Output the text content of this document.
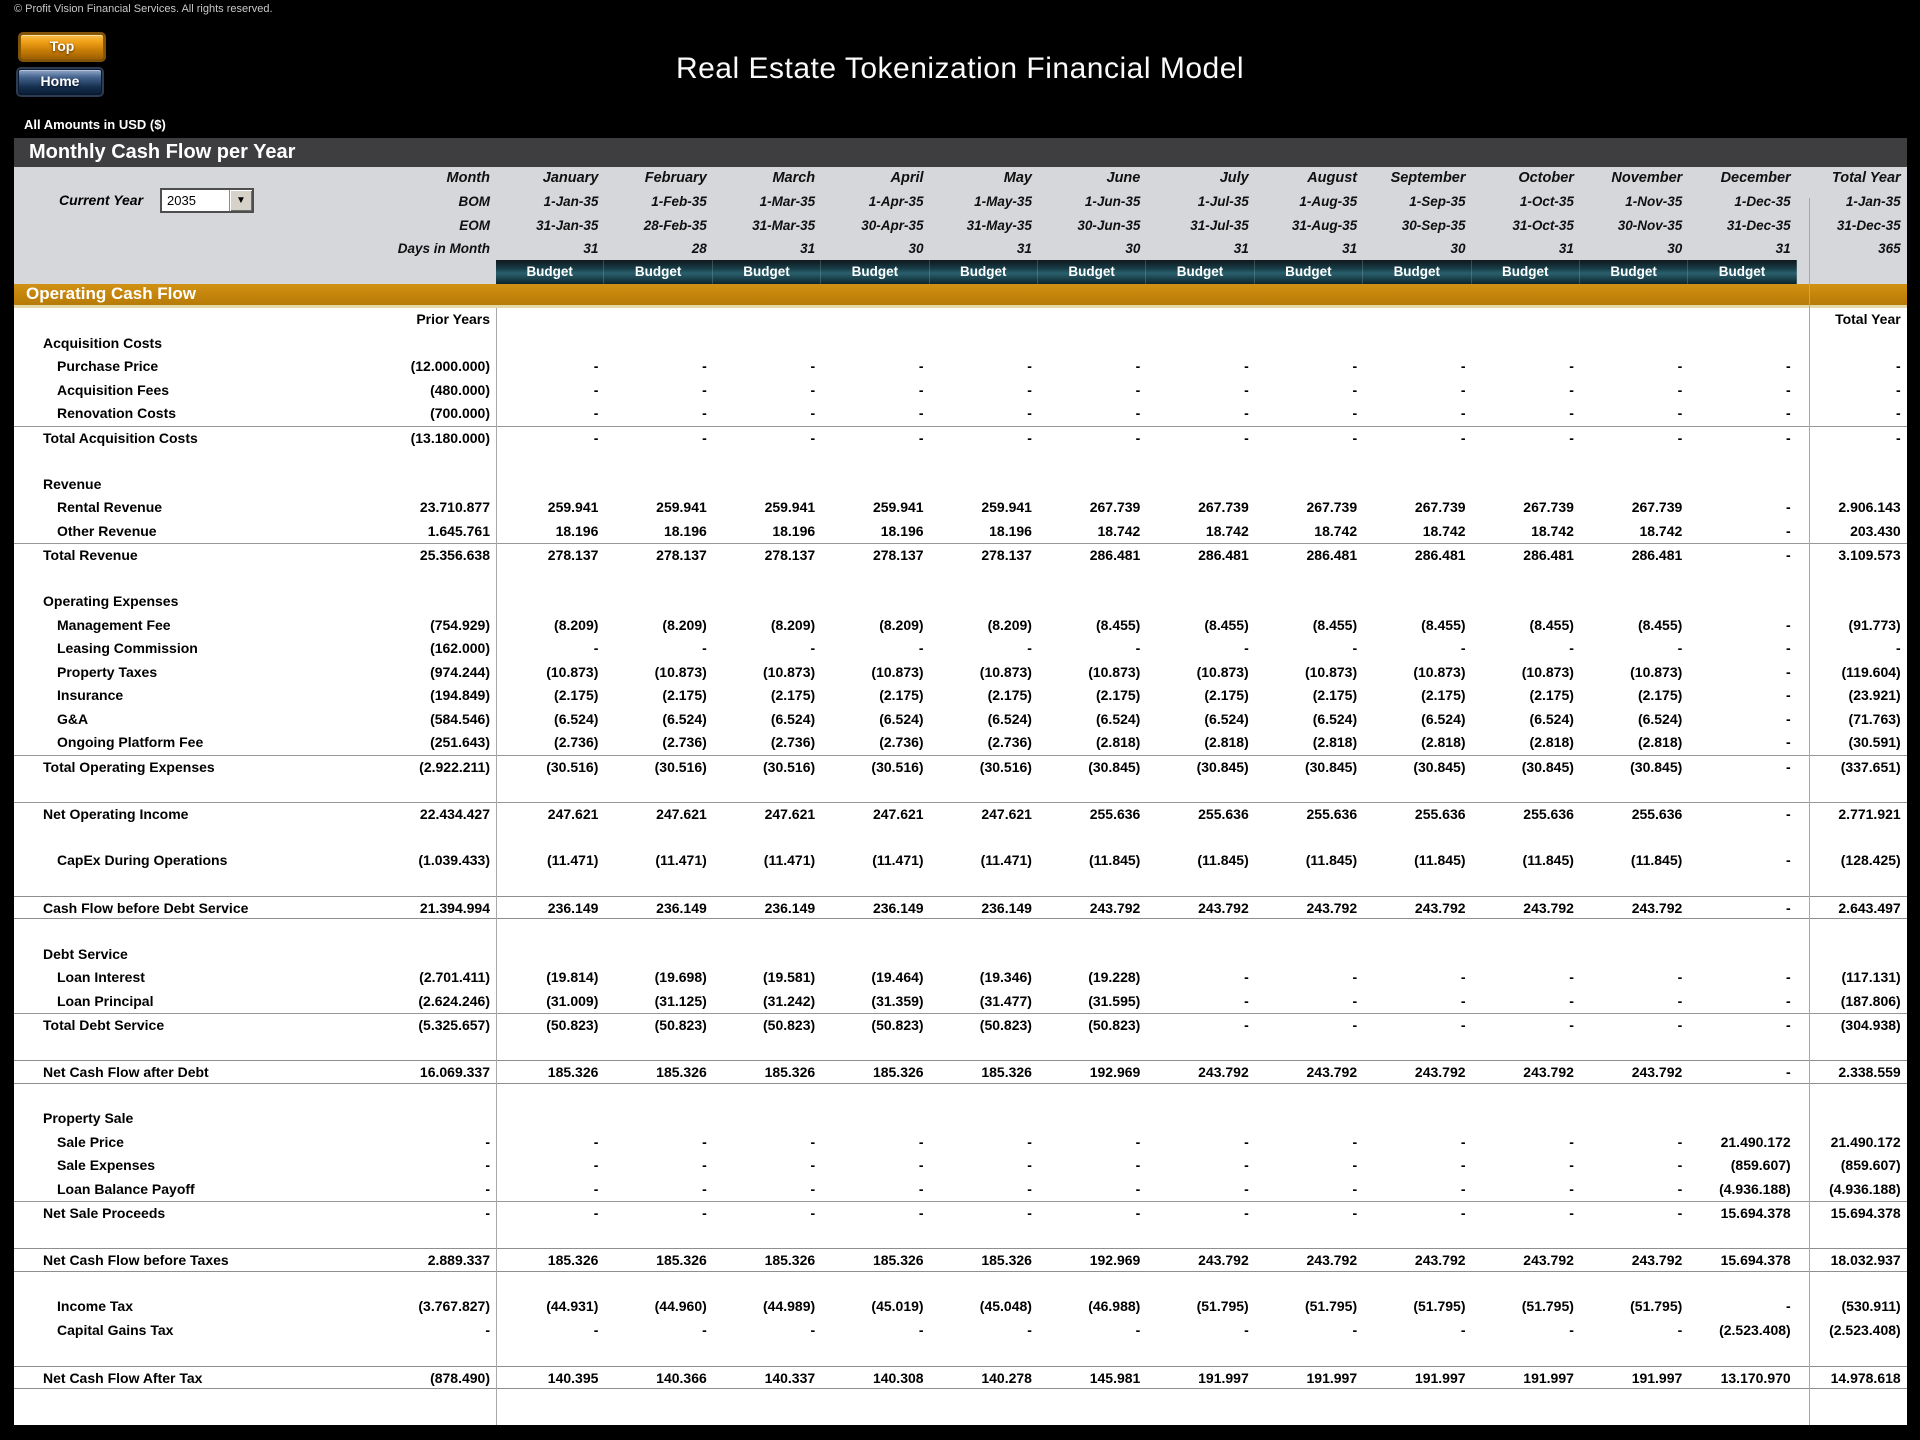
© Profit Vision Financial Services. All rights reserved.
Top
Home	Real Estate Tokenization Financial Model
All Amounts in USD ($)
Monthly Cash Flow per Year
Month	January	February	March	April	May	June	July	August	September	October	November	December	Total Year
BOM	1-Jan-35	1-Feb-35	1-Mar-35	1-Apr-35	1-May-35	1-Jun-35	1-Jul-35	1-Aug-35	1-Sep-35	1-Oct-35	1-Nov-35	1-Dec-35	1-Jan-35
EOM	31-Jan-35	28-Feb-35	31-Mar-35	30-Apr-35	31-May-35	30-Jun-35	31-Jul-35	31-Aug-35	30-Sep-35	31-Oct-35	30-Nov-35	31-Dec-35	31-Dec-35
Days in Month	31	28	31	30	31	30	31	31	30	31	30	31	365
Current Year	2035	▼
Budget	Budget	Budget	Budget	Budget	Budget	Budget	Budget	Budget	Budget	Budget	Budget
Operating Cash Flow
Prior Years	Total Year
Acquisition Costs
Purchase Price	(12.000.000)	-	-	-	-	-	-	-	-	-	-	-	-	-
Acquisition Fees	(480.000)	-	-	-	-	-	-	-	-	-	-	-	-	-
Renovation Costs	(700.000)	-	-	-	-	-	-	-	-	-	-	-	-	-
Total Acquisition Costs	(13.180.000)	-	-	-	-	-	-	-	-	-	-	-	-	-
Revenue
Rental Revenue	23.710.877	259.941	259.941	259.941	259.941	259.941	267.739	267.739	267.739	267.739	267.739	267.739	-	2.906.143
Other Revenue	1.645.761	18.196	18.196	18.196	18.196	18.196	18.742	18.742	18.742	18.742	18.742	18.742	-	203.430
Total Revenue	25.356.638	278.137	278.137	278.137	278.137	278.137	286.481	286.481	286.481	286.481	286.481	286.481	-	3.109.573
Operating Expenses
Management Fee	(754.929)	(8.209)	(8.209)	(8.209)	(8.209)	(8.209)	(8.455)	(8.455)	(8.455)	(8.455)	(8.455)	(8.455)	-	(91.773)
Leasing Commission	(162.000)	-	-	-	-	-	-	-	-	-	-	-	-	-
Property Taxes	(974.244)	(10.873)	(10.873)	(10.873)	(10.873)	(10.873)	(10.873)	(10.873)	(10.873)	(10.873)	(10.873)	(10.873)	-	(119.604)
Insurance	(194.849)	(2.175)	(2.175)	(2.175)	(2.175)	(2.175)	(2.175)	(2.175)	(2.175)	(2.175)	(2.175)	(2.175)	-	(23.921)
G&A	(584.546)	(6.524)	(6.524)	(6.524)	(6.524)	(6.524)	(6.524)	(6.524)	(6.524)	(6.524)	(6.524)	(6.524)	-	(71.763)
Ongoing Platform Fee	(251.643)	(2.736)	(2.736)	(2.736)	(2.736)	(2.736)	(2.818)	(2.818)	(2.818)	(2.818)	(2.818)	(2.818)	-	(30.591)
Total Operating Expenses	(2.922.211)	(30.516)	(30.516)	(30.516)	(30.516)	(30.516)	(30.845)	(30.845)	(30.845)	(30.845)	(30.845)	(30.845)	-	(337.651)
Net Operating Income	22.434.427	247.621	247.621	247.621	247.621	247.621	255.636	255.636	255.636	255.636	255.636	255.636	-	2.771.921
CapEx During Operations	(1.039.433)	(11.471)	(11.471)	(11.471)	(11.471)	(11.471)	(11.845)	(11.845)	(11.845)	(11.845)	(11.845)	(11.845)	-	(128.425)
Cash Flow before Debt Service	21.394.994	236.149	236.149	236.149	236.149	236.149	243.792	243.792	243.792	243.792	243.792	243.792	-	2.643.497
Debt Service
Loan Interest	(2.701.411)	(19.814)	(19.698)	(19.581)	(19.464)	(19.346)	(19.228)	-	-	-	-	-	-	(117.131)
Loan Principal	(2.624.246)	(31.009)	(31.125)	(31.242)	(31.359)	(31.477)	(31.595)	-	-	-	-	-	-	(187.806)
Total Debt Service	(5.325.657)	(50.823)	(50.823)	(50.823)	(50.823)	(50.823)	(50.823)	-	-	-	-	-	-	(304.938)
Net Cash Flow after Debt	16.069.337	185.326	185.326	185.326	185.326	185.326	192.969	243.792	243.792	243.792	243.792	243.792	-	2.338.559
Property Sale
Sale Price	-	-	-	-	-	-	-	-	-	-	-	-	21.490.172	21.490.172
Sale Expenses	-	-	-	-	-	-	-	-	-	-	-	-	(859.607)	(859.607)
Loan Balance Payoff	-	-	-	-	-	-	-	-	-	-	-	-	(4.936.188)	(4.936.188)
Net Sale Proceeds	-	-	-	-	-	-	-	-	-	-	-	-	15.694.378	15.694.378
Net Cash Flow before Taxes	2.889.337	185.326	185.326	185.326	185.326	185.326	192.969	243.792	243.792	243.792	243.792	243.792	15.694.378	18.032.937
Income Tax	(3.767.827)	(44.931)	(44.960)	(44.989)	(45.019)	(45.048)	(46.988)	(51.795)	(51.795)	(51.795)	(51.795)	(51.795)	-	(530.911)
Capital Gains Tax	-	-	-	-	-	-	-	-	-	-	-	-	(2.523.408)	(2.523.408)
Net Cash Flow After Tax	(878.490)	140.395	140.366	140.337	140.308	140.278	145.981	191.997	191.997	191.997	191.997	191.997	13.170.970	14.978.618
